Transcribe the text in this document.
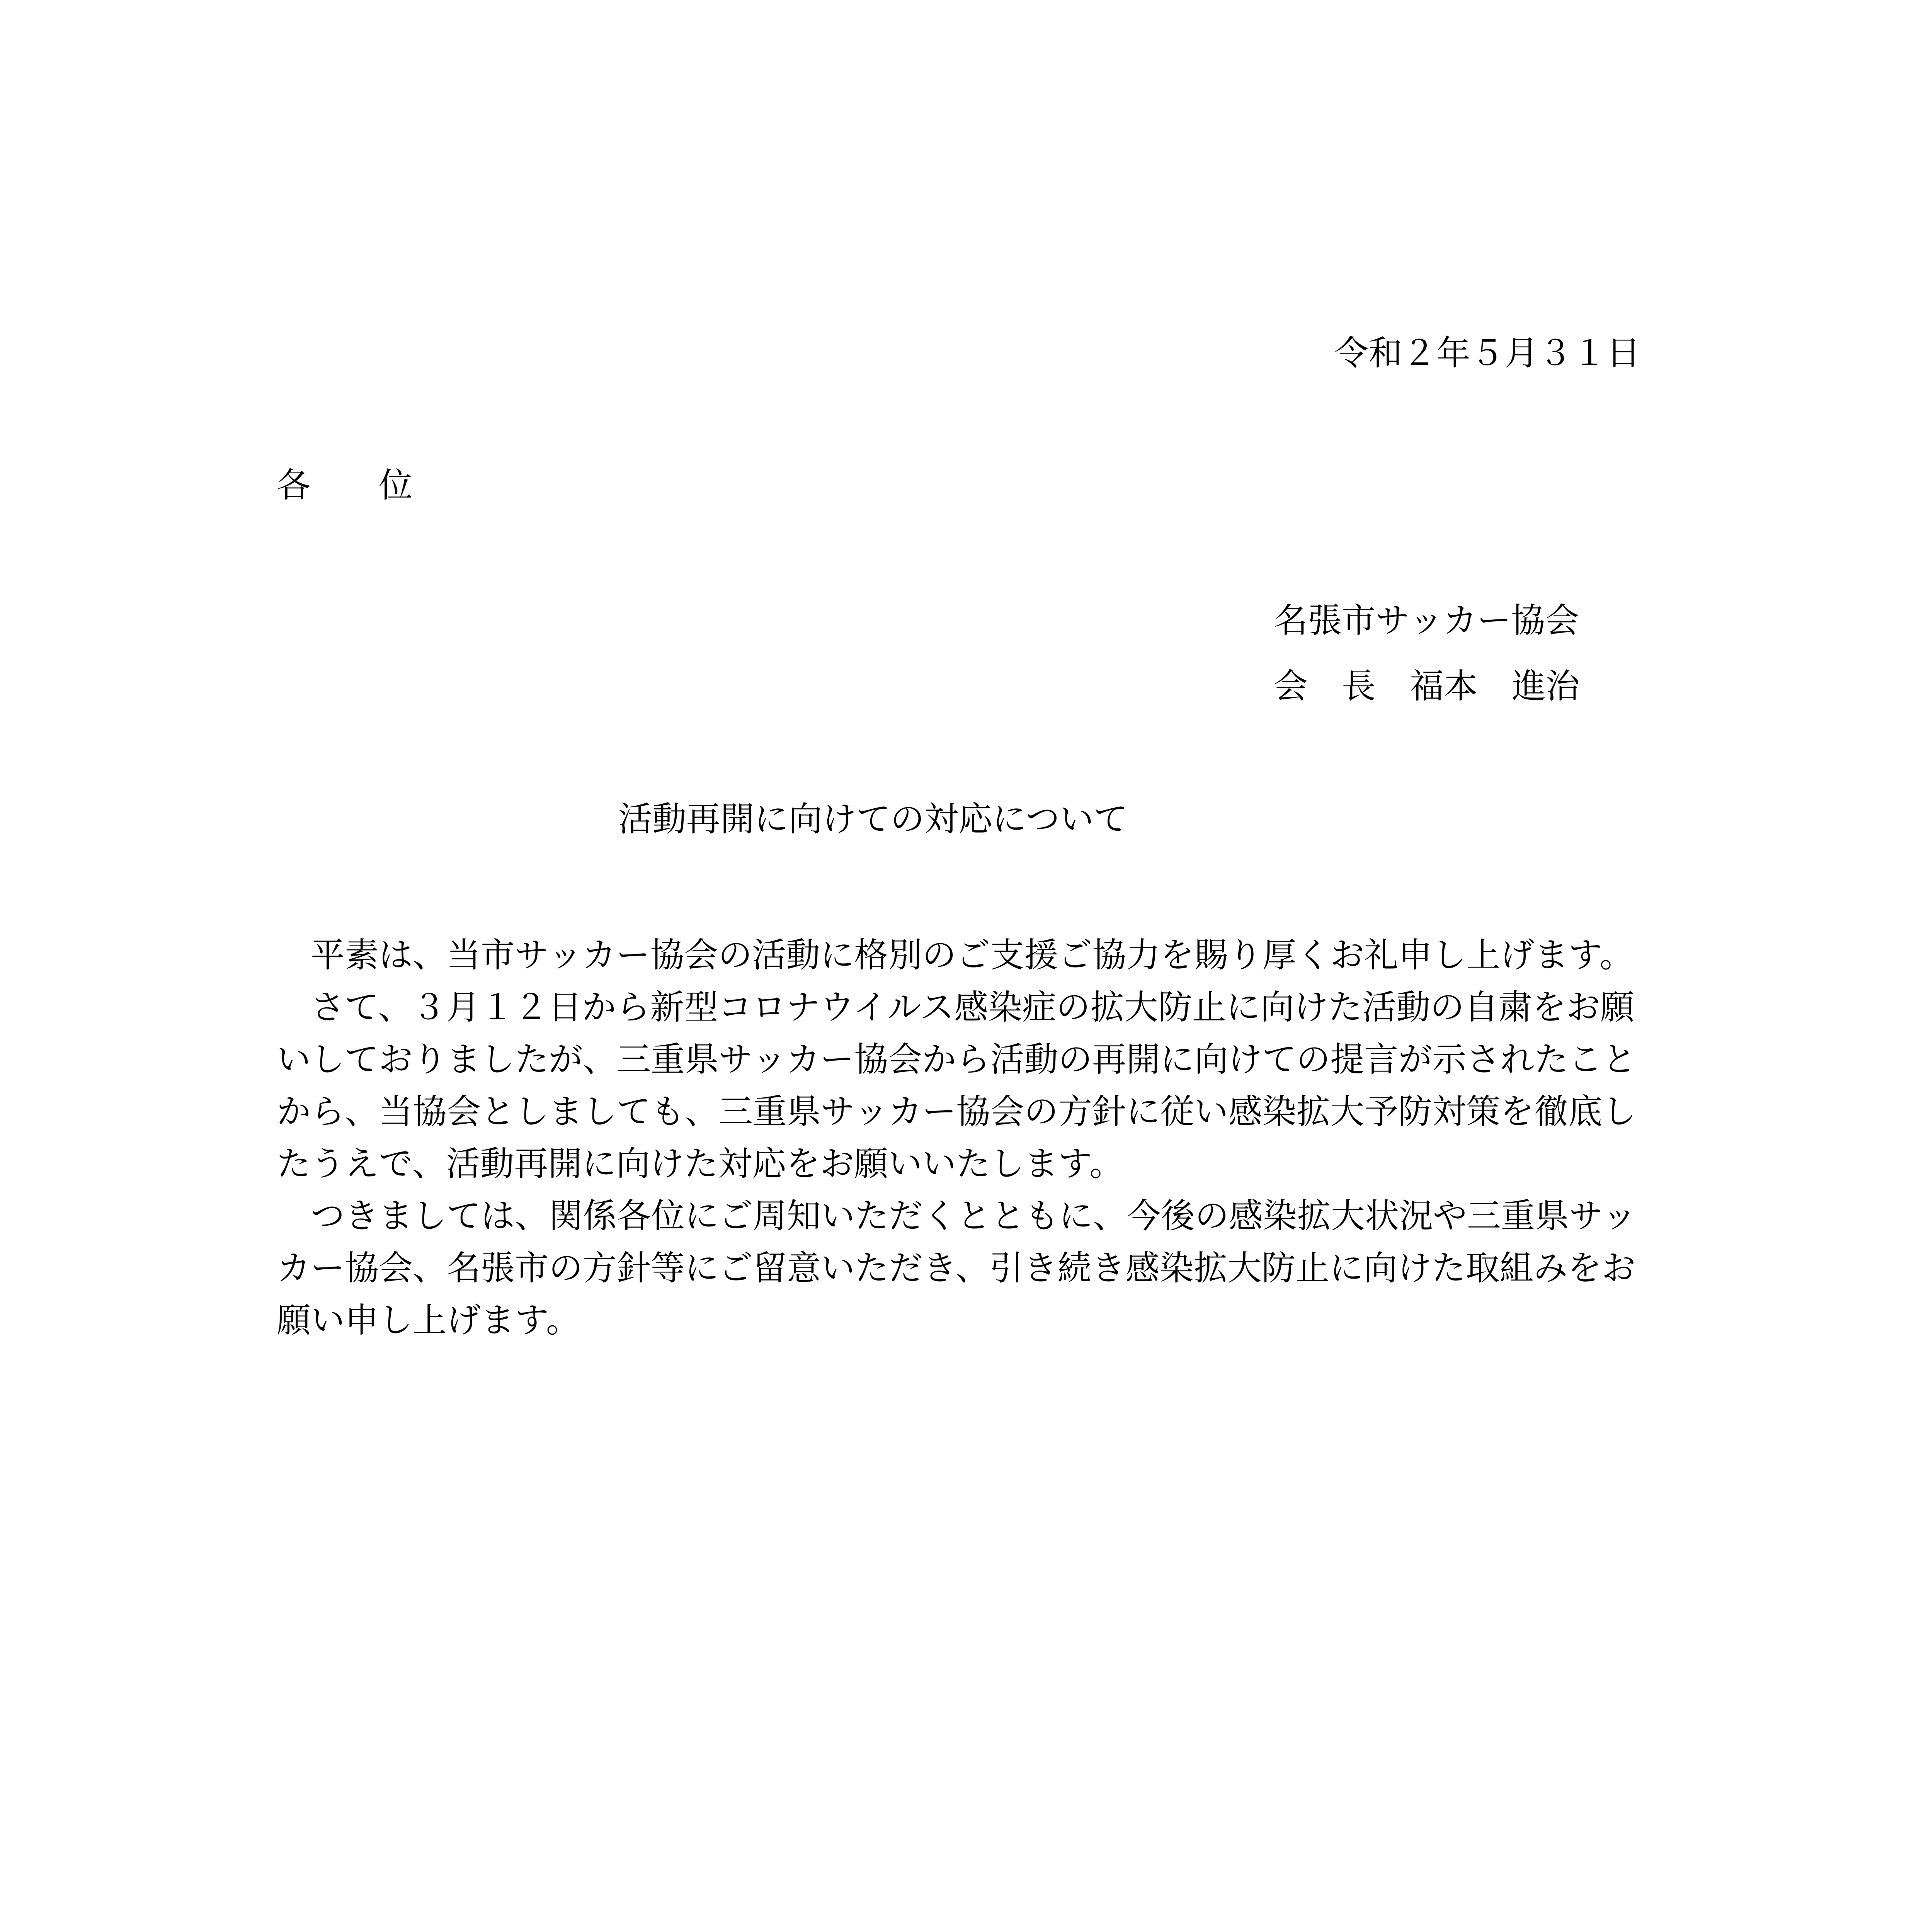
令和２年５月３１日
各　　位
名張市サッカー協会
会　長　福本　進治
活動再開に向けての対応について

平素は、当市サッカー協会の活動に格別のご支援ご協力を賜り厚くお礼申し上げます。

さて、３月１２日から新型コロナウイルス感染症の拡大防止に向けた活動の自粛をお願いしておりましたが、三重県サッカー協会から活動の再開に向けての提言が示されたことから、当協会としましても、三重県サッカー協会の方針に従い感染拡大予防対策を徹底したうえで、活動再開に向けた対応をお願いいたします。

つきましては、関係各位にご周知いただくとともに、今後の感染拡大状況や三重県サッカー協会、名張市の方針等にご留意いただき、引き続き感染拡大防止に向けた取組みをお願い申し上げます。
